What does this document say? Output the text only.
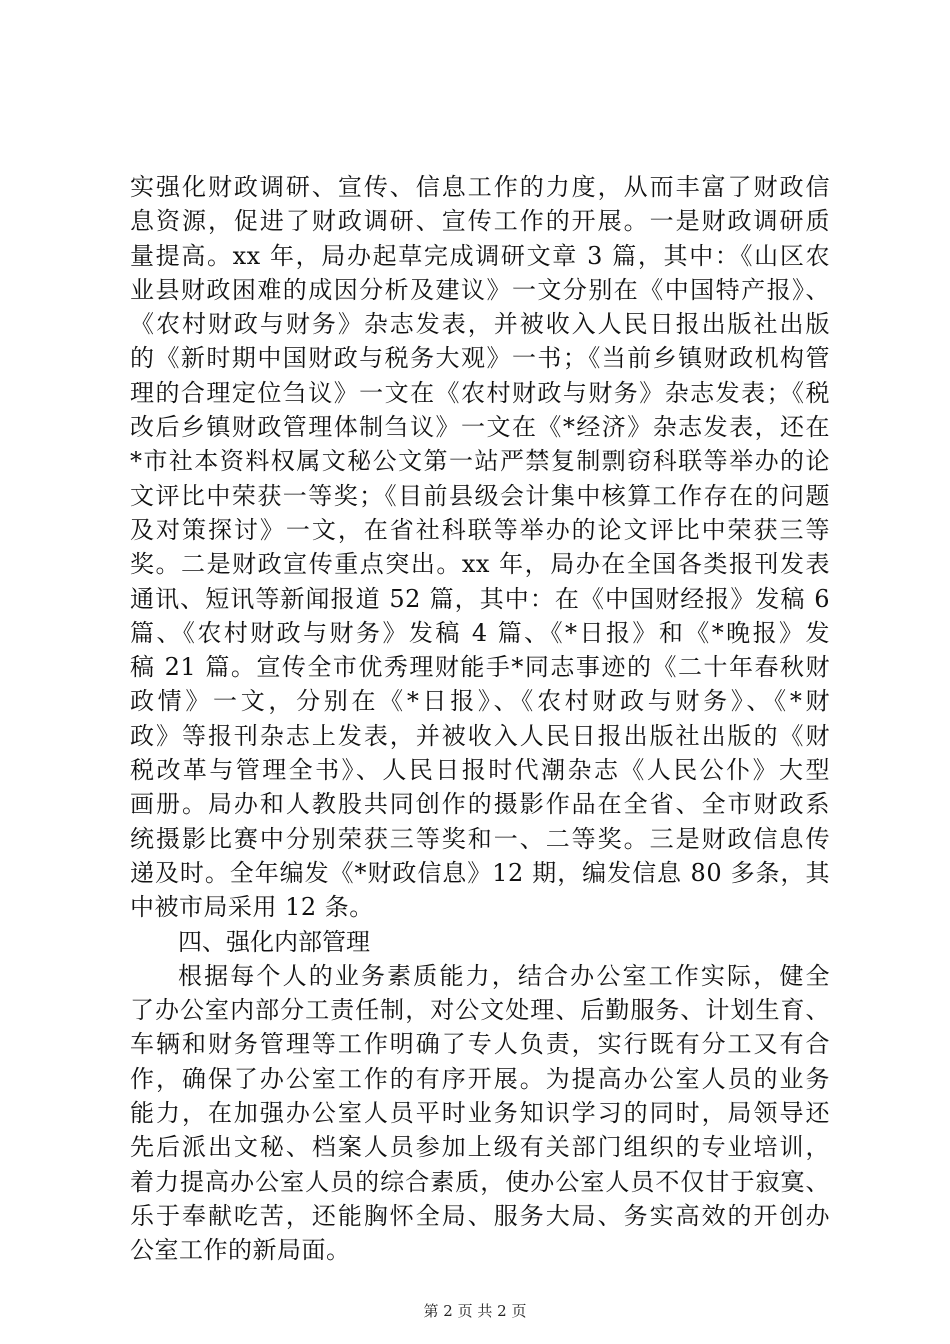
实强化财政调研、宣传、信息工作的力度，从而丰富了财政信
息资源，促进了财政调研、宣传工作的开展。一是财政调研质
量提高。xx 年，局办起草完成调研文章 3 篇，其中：《山区农
业县财政困难的成因分析及建议》一文分别在《中国特产报》、
《农村财政与财务》杂志发表，并被收入人民日报出版社出版
的《新时期中国财政与税务大观》一书；《当前乡镇财政机构管
理的合理定位刍议》一文在《农村财政与财务》杂志发表；《税
改后乡镇财政管理体制刍议》一文在《*经济》杂志发表，还在
*市社本资料权属文秘公文第一站严禁复制剽窃科联等举办的论
文评比中荣获一等奖；《目前县级会计集中核算工作存在的问题
及对策探讨》一文，在省社科联等举办的论文评比中荣获三等
奖。二是财政宣传重点突出。xx 年，局办在全国各类报刊发表
通讯、短讯等新闻报道 52 篇，其中：在《中国财经报》发稿 6
篇、《农村财政与财务》发稿 4 篇、《*日报》和《*晚报》发
稿 21 篇。宣传全市优秀理财能手*同志事迹的《二十年春秋财
政情》一文，分别在《*日报》、《农村财政与财务》、《*财
政》等报刊杂志上发表，并被收入人民日报出版社出版的《财
税改革与管理全书》、人民日报时代潮杂志《人民公仆》大型
画册。局办和人教股共同创作的摄影作品在全省、全市财政系
统摄影比赛中分别荣获三等奖和一、二等奖。三是财政信息传
递及时。全年编发《*财政信息》12 期，编发信息 80 多条，其
中被市局采用 12 条。
四、强化内部管理
根据每个人的业务素质能力，结合办公室工作实际，健全
了办公室内部分工责任制，对公文处理、后勤服务、计划生育、
车辆和财务管理等工作明确了专人负责，实行既有分工又有合
作，确保了办公室工作的有序开展。为提高办公室人员的业务
能力，在加强办公室人员平时业务知识学习的同时，局领导还
先后派出文秘、档案人员参加上级有关部门组织的专业培训，
着力提高办公室人员的综合素质，使办公室人员不仅甘于寂寞、
乐于奉献吃苦，还能胸怀全局、服务大局、务实高效的开创办
公室工作的新局面。
第 2 页 共 2 页
